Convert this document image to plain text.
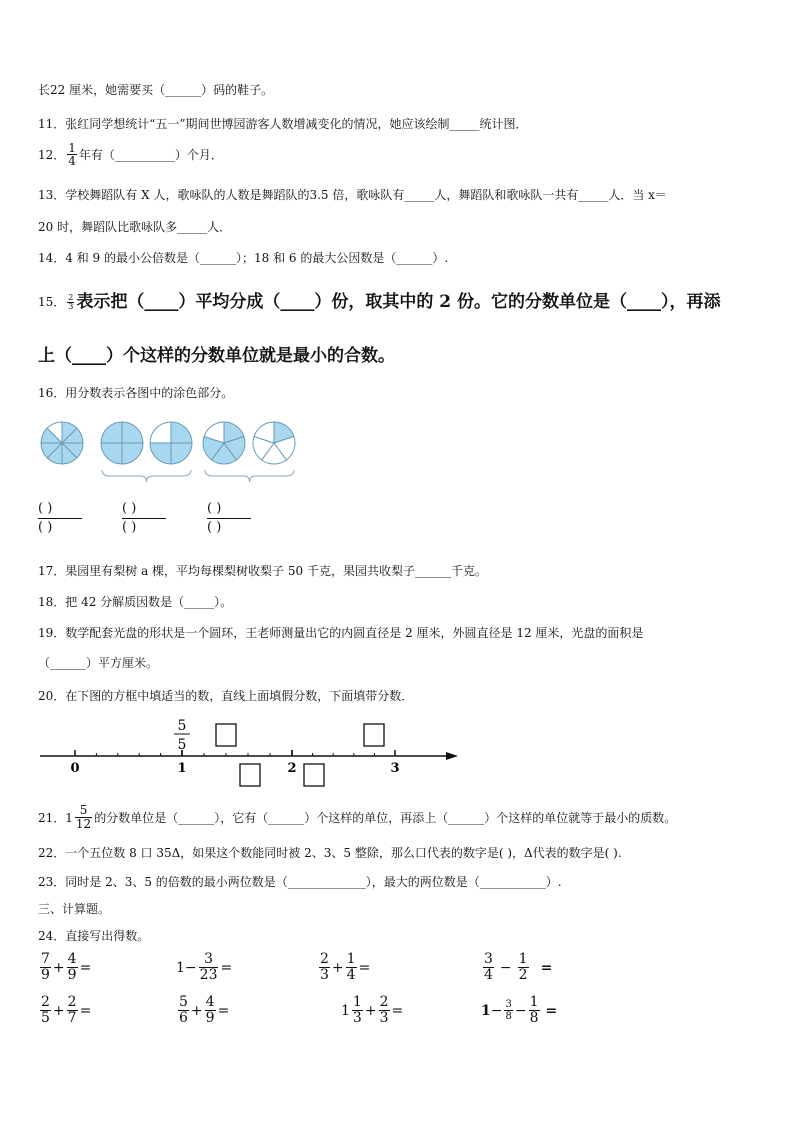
长22 厘米，她需要买（______）码的鞋子。
11．张红同学想统计“五一”期间世博园游客人数增减变化的情况，她应该绘制_____统计图．
12． $\frac{1}{4}$ 年有（__________）个月．
13．学校舞蹈队有 X 人，歌咏队的人数是舞蹈队的3.5 倍，歌咏队有_____人，舞蹈队和歌咏队一共有_____人．当 x＝
20 时，舞蹈队比歌咏队多_____人．
14．4 和 9 的最小公倍数是（______）；18 和 6 的最大公因数是（______）.
15． $\frac{2}{3}$ 表示把（____）平均分成（____）份，取其中的 2 份。它的分数单位是（____），再添
上（____）个这样的分数单位就是最小的合数。
16．用分数表示各图中的涂色部分。
( )
( )
( )
( )
( )
( )
17．果园里有梨树 a 棵，平均每棵梨树收梨子 50 千克，果园共收梨子______千克。
18．把 42 分解质因数是（_____）。
19．数学配套光盘的形状是一个圆环，王老师测量出它的内圆直径是 2 厘米，外圆直径是 12 厘米，光盘的面积是
（______）平方厘米。
20．在下图的方框中填适当的数，直线上面填假分数，下面填带分数．
0	1	2	3
5
5
21． $1 \frac{5}{12}$ 的分数单位是（______），它有（______）个这样的单位，再添上（______）个这样的单位就等于最小的质数。
22．一个五位数 8 口 35Δ，如果这个数能同时被 2、3、5 整除，那么口代表的数字是( )，Δ代表的数字是( ).
23．同时是 2、3、5 的倍数的最小两位数是（_____________），最大的两位数是（___________）.
三、计算题。
24．直接写出得数。
$\frac{7}{9} + \frac{4}{9}$ =	$1 - \frac{3}{23}$ =	$\frac{2}{3} + \frac{1}{4}$ =	$\frac{3}{4} - \frac{1}{2}$ =
$\frac{2}{5} + \frac{2}{7}$ =	$\frac{5}{6} + \frac{4}{9}$ =	$1 \frac{1}{3} + \frac{2}{3}$ =	$1 - \frac{3}{8} - \frac{1}{8}$ =
